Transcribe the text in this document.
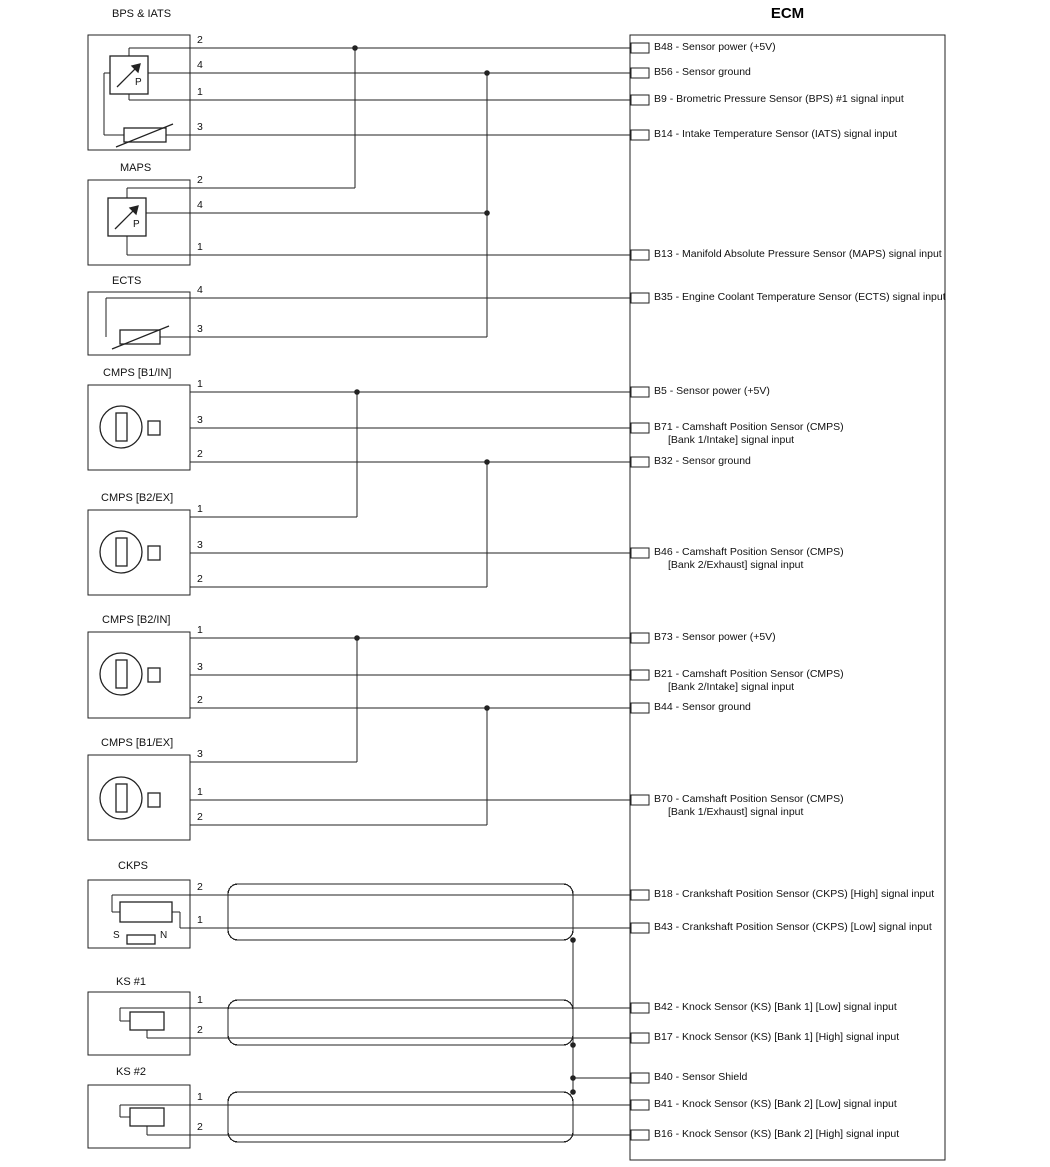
ECM
BPS & IATS
MAPS
ECTS
CMPS [B1/IN]
CMPS [B2/EX]
CMPS [B2/IN]
CMPS [B1/EX]
CKPS
KS #1
KS #2
2
4
1
3
2
4
1
4
3
1
3
2
1
3
2
1
3
2
3
1
2
2
1
1
2
1
2
P
P
S	N
B48 - Sensor power (+5V)
B56 - Sensor ground
B9 - Brometric Pressure Sensor (BPS) #1 signal input
B14 - Intake Temperature Sensor (IATS) signal input
B13 - Manifold Absolute Pressure Sensor (MAPS) signal input
B35 - Engine Coolant Temperature Sensor (ECTS) signal input
B5 - Sensor power (+5V)
B71 - Camshaft Position Sensor (CMPS)
[Bank 1/Intake] signal input
B32 - Sensor ground
B46 - Camshaft Position Sensor (CMPS)
[Bank 2/Exhaust] signal input
B73 - Sensor power (+5V)
B21 - Camshaft Position Sensor (CMPS)
[Bank 2/Intake] signal input
B44 - Sensor ground
B70 - Camshaft Position Sensor (CMPS)
[Bank 1/Exhaust] signal input
B18 - Crankshaft Position Sensor (CKPS) [High] signal input
B43 - Crankshaft Position Sensor (CKPS) [Low] signal input
B42 - Knock Sensor (KS) [Bank 1] [Low] signal input
B17 - Knock Sensor (KS) [Bank 1] [High] signal input
B40 - Sensor Shield
B41 - Knock Sensor (KS) [Bank 2] [Low] signal input
B16 - Knock Sensor (KS) [Bank 2] [High] signal input
